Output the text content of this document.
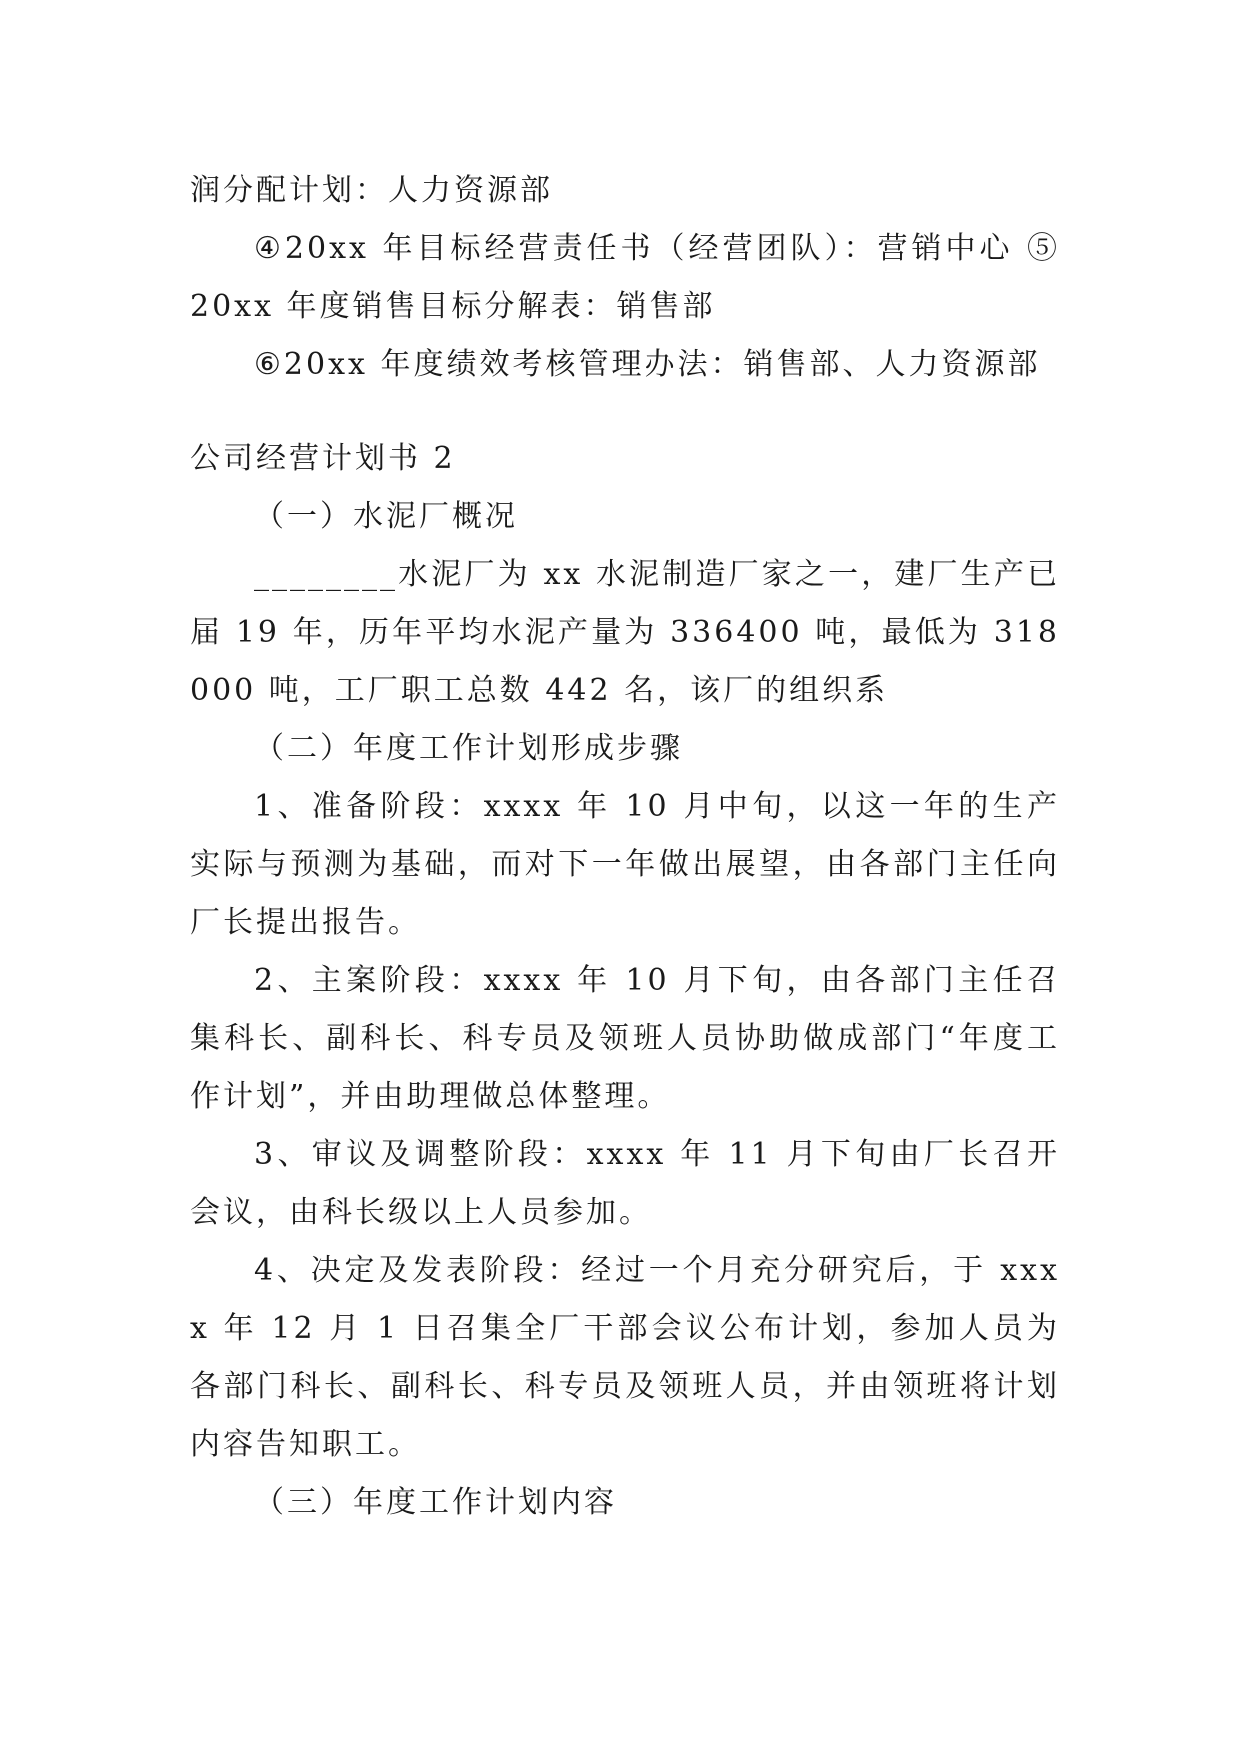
润分配计划：人力资源部

④20xx 年目标经营责任书（经营团队）：营销中心 ⑤20xx 年度销售目标分解表：销售部

⑥20xx 年度绩效考核管理办法：销售部、人力资源部

公司经营计划书 2

（一）水泥厂概况

________水泥厂为 xx 水泥制造厂家之一，建厂生产已届 19 年，历年平均水泥产量为 336400 吨，最低为 318000 吨，工厂职工总数 442 名，该厂的组织系

（二）年度工作计划形成步骤

1、准备阶段：xxxx 年 10 月中旬，以这一年的生产实际与预测为基础，而对下一年做出展望，由各部门主任向厂长提出报告。

2、主案阶段：xxxx 年 10 月下旬，由各部门主任召集科长、副科长、科专员及领班人员协助做成部门“年度工作计划”，并由助理做总体整理。

3、审议及调整阶段：xxxx 年 11 月下旬由厂长召开会议，由科长级以上人员参加。

4、决定及发表阶段：经过一个月充分研究后，于 xxxx 年 12 月 1 日召集全厂干部会议公布计划，参加人员为各部门科长、副科长、科专员及领班人员，并由领班将计划内容告知职工。

（三）年度工作计划内容
